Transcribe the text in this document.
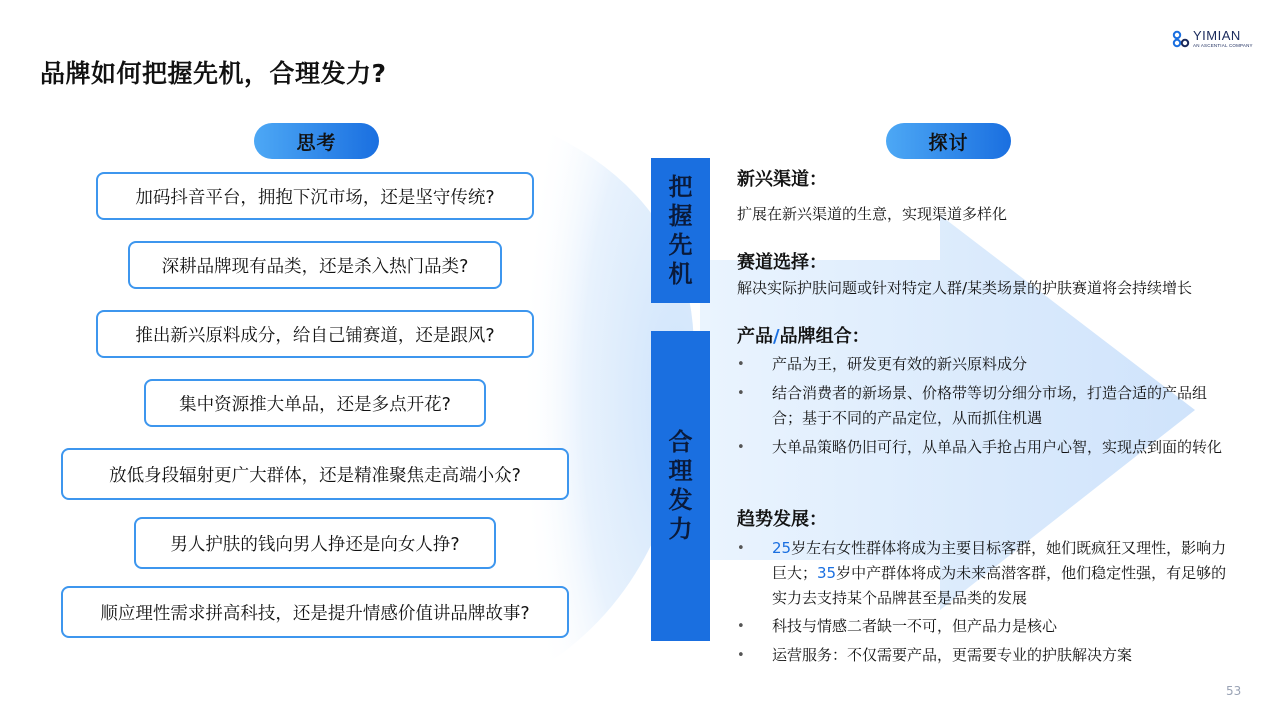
品牌如何把握先机，合理发力?
YIMIAN
AN ASCENTIAL COMPANY
思考
加码抖音平台，拥抱下沉市场，还是坚守传统?
深耕品牌现有品类，还是杀入热门品类?
推出新兴原料成分，给自己铺赛道，还是跟风?
集中资源推大单品，还是多点开花?
放低身段辐射更广大群体，还是精准聚焦走高端小众?
男人护肤的钱向男人挣还是向女人挣?
顺应理性需求拼高科技，还是提升情感价值讲品牌故事?
把
握
先
机
合
理
发
力
探讨
新兴渠道：
扩展在新兴渠道的生意，实现渠道多样化
赛道选择：
解决实际护肤问题或针对特定人群/某类场景的护肤赛道将会持续增长
产品/品牌组合：
• 产品为王，研发更有效的新兴原料成分
• 结合消费者的新场景、价格带等切分细分市场，打造合适的产品组合；基于不同的产品定位，从而抓住机遇
• 大单品策略仍旧可行，从单品入手抢占用户心智，实现点到面的转化
趋势发展：
• 25岁左右女性群体将成为主要目标客群，她们既疯狂又理性，影响力巨大；35岁中产群体将成为未来高潜客群，他们稳定性强，有足够的实力去支持某个品牌甚至是品类的发展
• 科技与情感二者缺一不可，但产品力是核心
• 运营服务：不仅需要产品，更需要专业的护肤解决方案
53
